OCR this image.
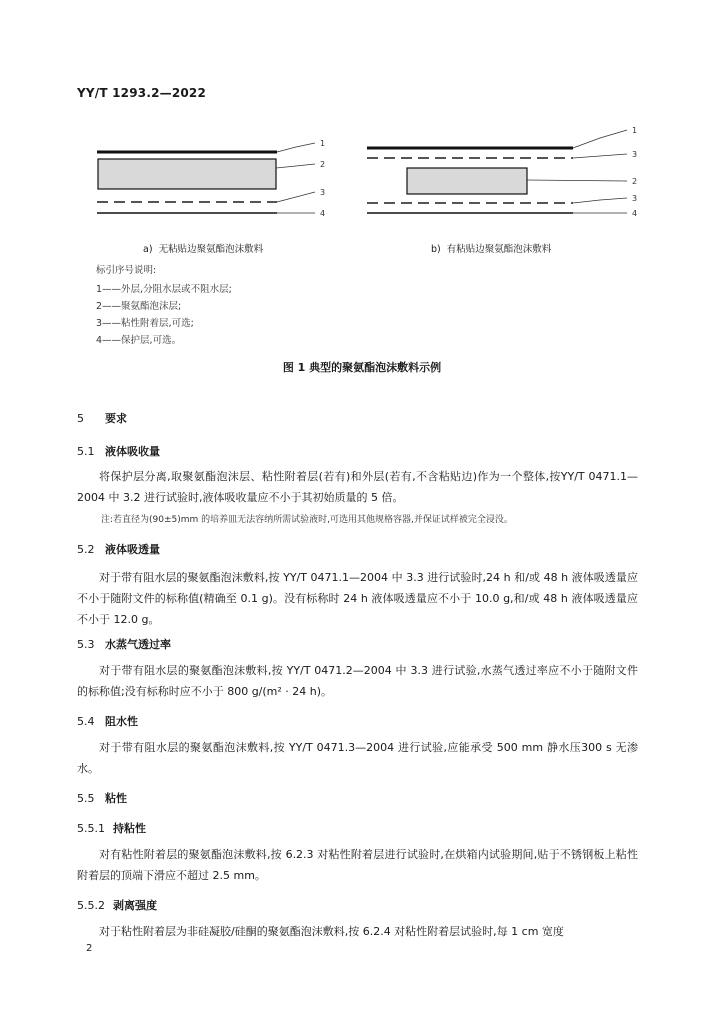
YY/T 1293.2—2022
1
2
3
4
1
3
2
3
4
a) 无粘贴边聚氨酯泡沫敷料	b) 有粘贴边聚氨酯泡沫敷料
标引序号说明:
1——外层,分阻水层或不阻水层;
2——聚氨酯泡沫层;
3——粘性附着层,可选;
4——保护层,可选。
图 1 典型的聚氨酯泡沫敷料示例
5 要求
5.1 液体吸收量
将保护层分离,取聚氨酯泡沫层、粘性附着层(若有)和外层(若有,不含粘贴边)作为一个整体,按YY/T 0471.1—2004 中 3.2 进行试验时,液体吸收量应不小于其初始质量的 5 倍。
注:若直径为(90±5)mm 的培养皿无法容纳所需试验液时,可选用其他规格容器,并保证试样被完全浸没。
5.2 液体吸透量
对于带有阻水层的聚氨酯泡沫敷料,按 YY/T 0471.1—2004 中 3.3 进行试验时,24 h 和/或 48 h 液体吸透量应不小于随附文件的标称值(精确至 0.1 g)。没有标称时 24 h 液体吸透量应不小于 10.0 g,和/或 48 h 液体吸透量应不小于 12.0 g。
5.3 水蒸气透过率
对于带有阻水层的聚氨酯泡沫敷料,按 YY/T 0471.2—2004 中 3.3 进行试验,水蒸气透过率应不小于随附文件的标称值;没有标称时应不小于 800 g/(m² · 24 h)。
5.4 阻水性
对于带有阻水层的聚氨酯泡沫敷料,按 YY/T 0471.3—2004 进行试验,应能承受 500 mm 静水压300 s 无渗水。
5.5 粘性
5.5.1 持粘性
对有粘性附着层的聚氨酯泡沫敷料,按 6.2.3 对粘性附着层进行试验时,在烘箱内试验期间,贴于不锈钢板上粘性附着层的顶端下滑应不超过 2.5 mm。
5.5.2 剥离强度
对于粘性附着层为非硅凝胶/硅酮的聚氨酯泡沫敷料,按 6.2.4 对粘性附着层试验时,每 1 cm 宽度
2
